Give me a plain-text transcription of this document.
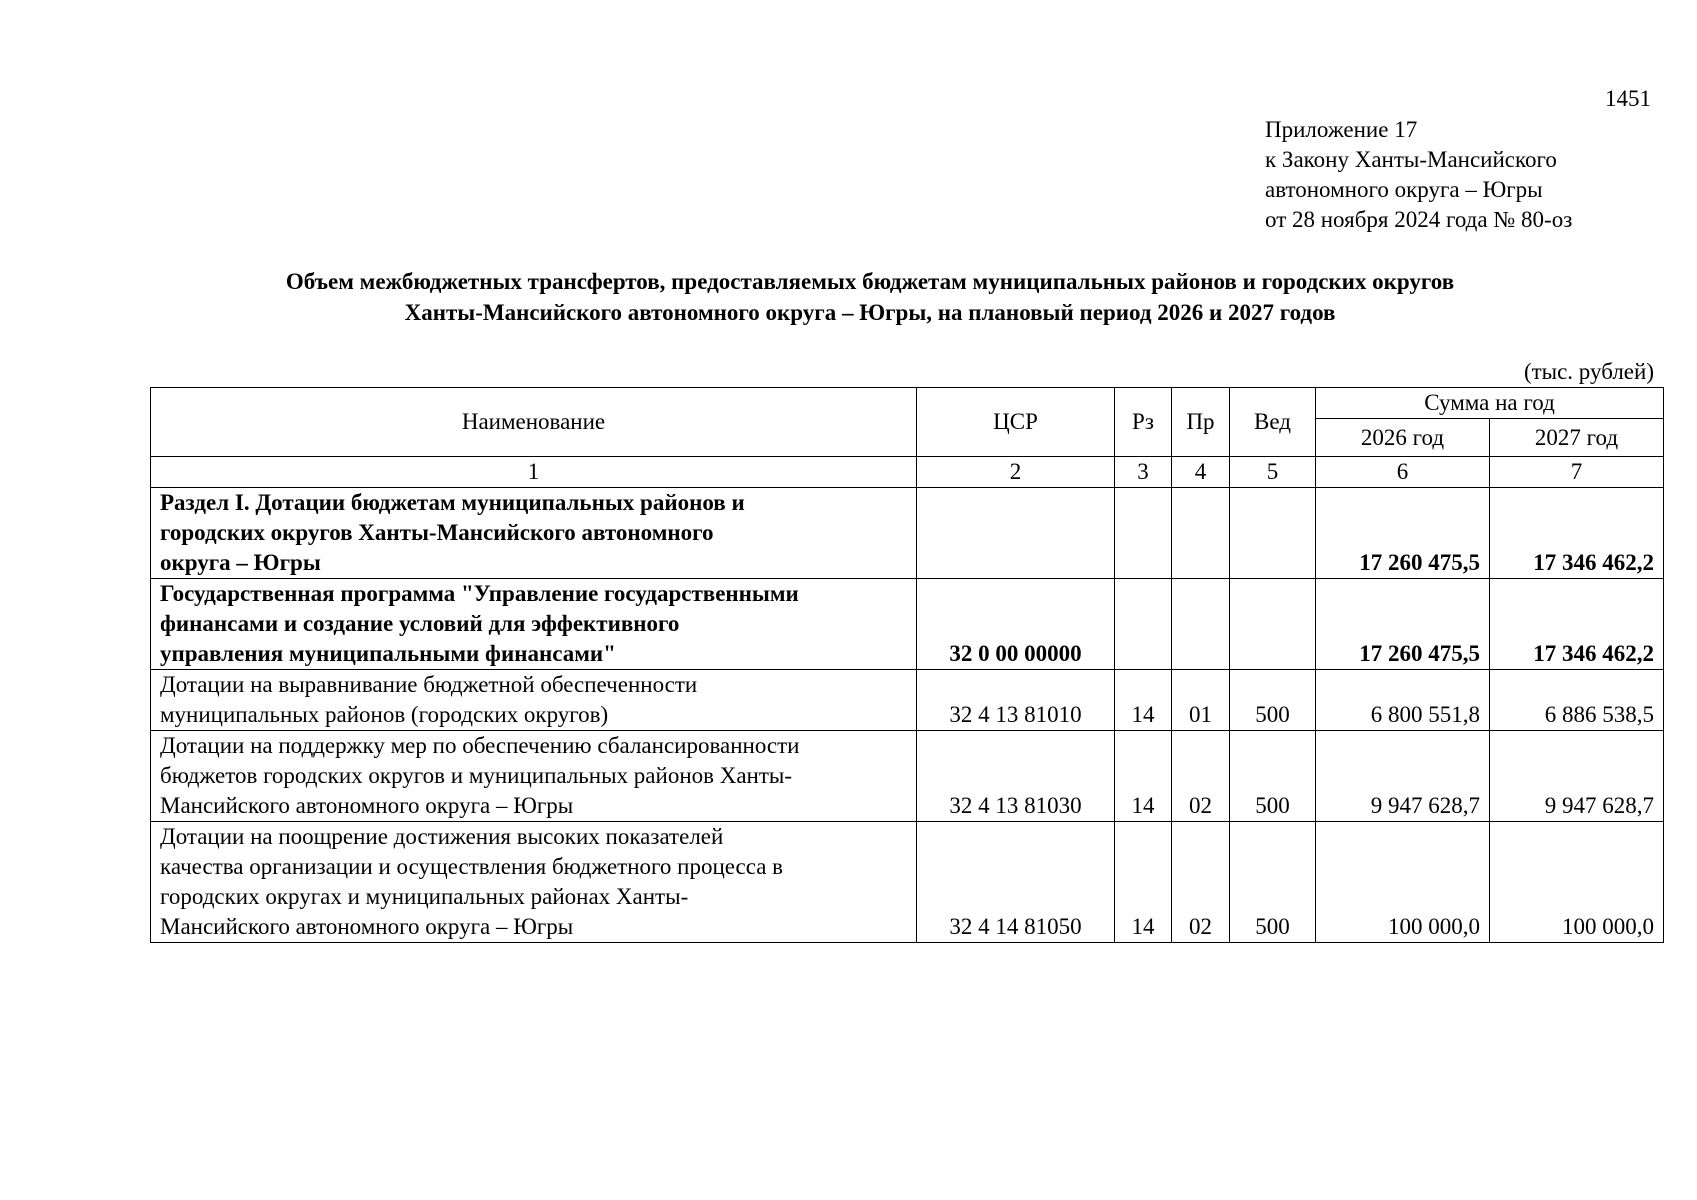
1451
Приложение 17
к Закону Ханты-Мансийского
автономного округа – Югры
от 28 ноября 2024 года № 80-оз
Объем межбюджетных трансфертов, предоставляемых бюджетам муниципальных районов и городских округов
Ханты-Мансийского автономного округа – Югры, на плановый период 2026 и 2027 годов
(тыс. рублей)
Наименование	ЦСР	Рз	Пр	Вед	Сумма на год	
					2026 год	2027 год
1	2	3	4	5	6	7

Раздел I. Дотации бюджетам муниципальных районов и
городских округов Ханты-Мансийского автономного
округа – Югры					17 260 475,5	17 346 462,2

Государственная программа "Управление государственными
финансами и создание условий для эффективного
управления муниципальными финансами"	32 0 00 00000				17 260 475,5	17 346 462,2

Дотации на выравнивание бюджетной обеспеченности
муниципальных районов (городских округов)	32 4 13 81010	14	01	500	6 800 551,8	6 886 538,5

Дотации на поддержку мер по обеспечению сбалансированности
бюджетов городских округов и муниципальных районов Ханты-
Мансийского автономного округа – Югры	32 4 13 81030	14	02	500	9 947 628,7	9 947 628,7

Дотации на поощрение достижения высоких показателей
качества организации и осуществления бюджетного процесса в
городских округах и муниципальных районах Ханты-
Мансийского автономного округа – Югры	32 4 14 81050	14	02	500	100 000,0	100 000,0
